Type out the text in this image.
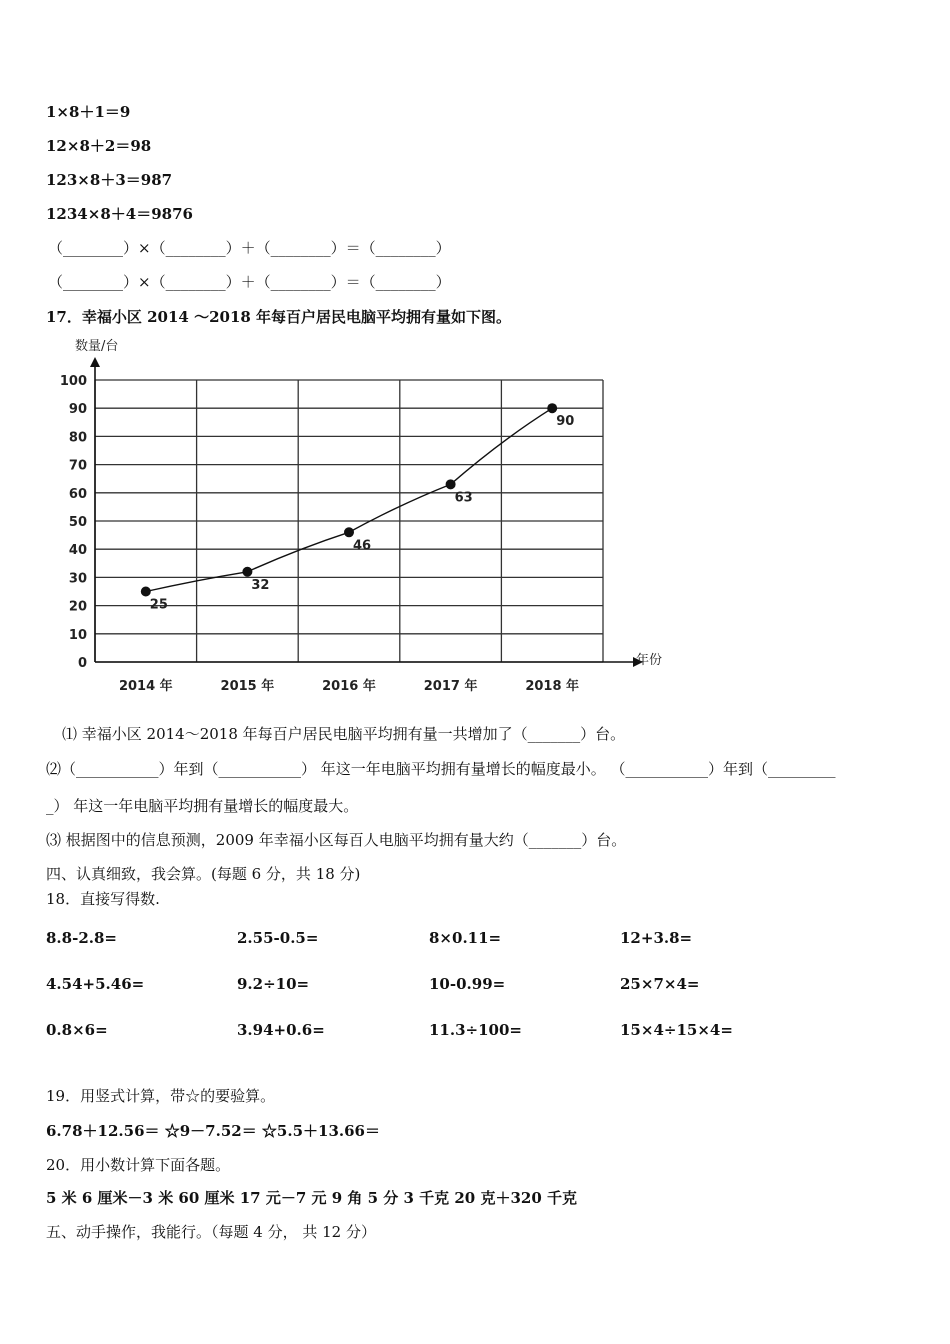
1×8＋1＝9
12×8＋2＝98
123×8＋3＝987
1234×8＋4＝9876
（________）×（________）＋（________）＝（________）
（________）×（________）＋（________）＝（________）
17．幸福小区 2014 ～2018 年每百户居民电脑平均拥有量如下图。
0
10
20
30
40
50
60
70
80
90
100
2014 年	2015 年	2016 年	2017 年	2018 年
25
32
46
63
90
数量/台
年份
⑴ 幸福小区 2014～2018 年每百户居民电脑平均拥有量一共增加了（_______）台。
⑵（___________）年到（___________） 年这一年电脑平均拥有量增长的幅度最小。 （___________）年到（_________
_） 年这一年电脑平均拥有量增长的幅度最大。
⑶ 根据图中的信息预测，2009 年幸福小区每百人电脑平均拥有量大约（_______）台。
四、认真细致，我会算。(每题 6 分，共 18 分)
18．直接写得数.
8.8-2.8=	2.55-0.5=	8×0.11=	12+3.8=
4.54+5.46=	9.2÷10=	10-0.99=	25×7×4=
0.8×6=	3.94+0.6=	11.3÷100=	15×4÷15×4=
19．用竖式计算，带☆的要验算。
6.78＋12.56＝ ☆9－7.52＝ ☆5.5＋13.66＝
20．用小数计算下面各题。
5 米 6 厘米－3 米 60 厘米 17 元－7 元 9 角 5 分 3 千克 20 克＋320 千克
五、动手操作，我能行。（每题 4 分， 共 12 分）
